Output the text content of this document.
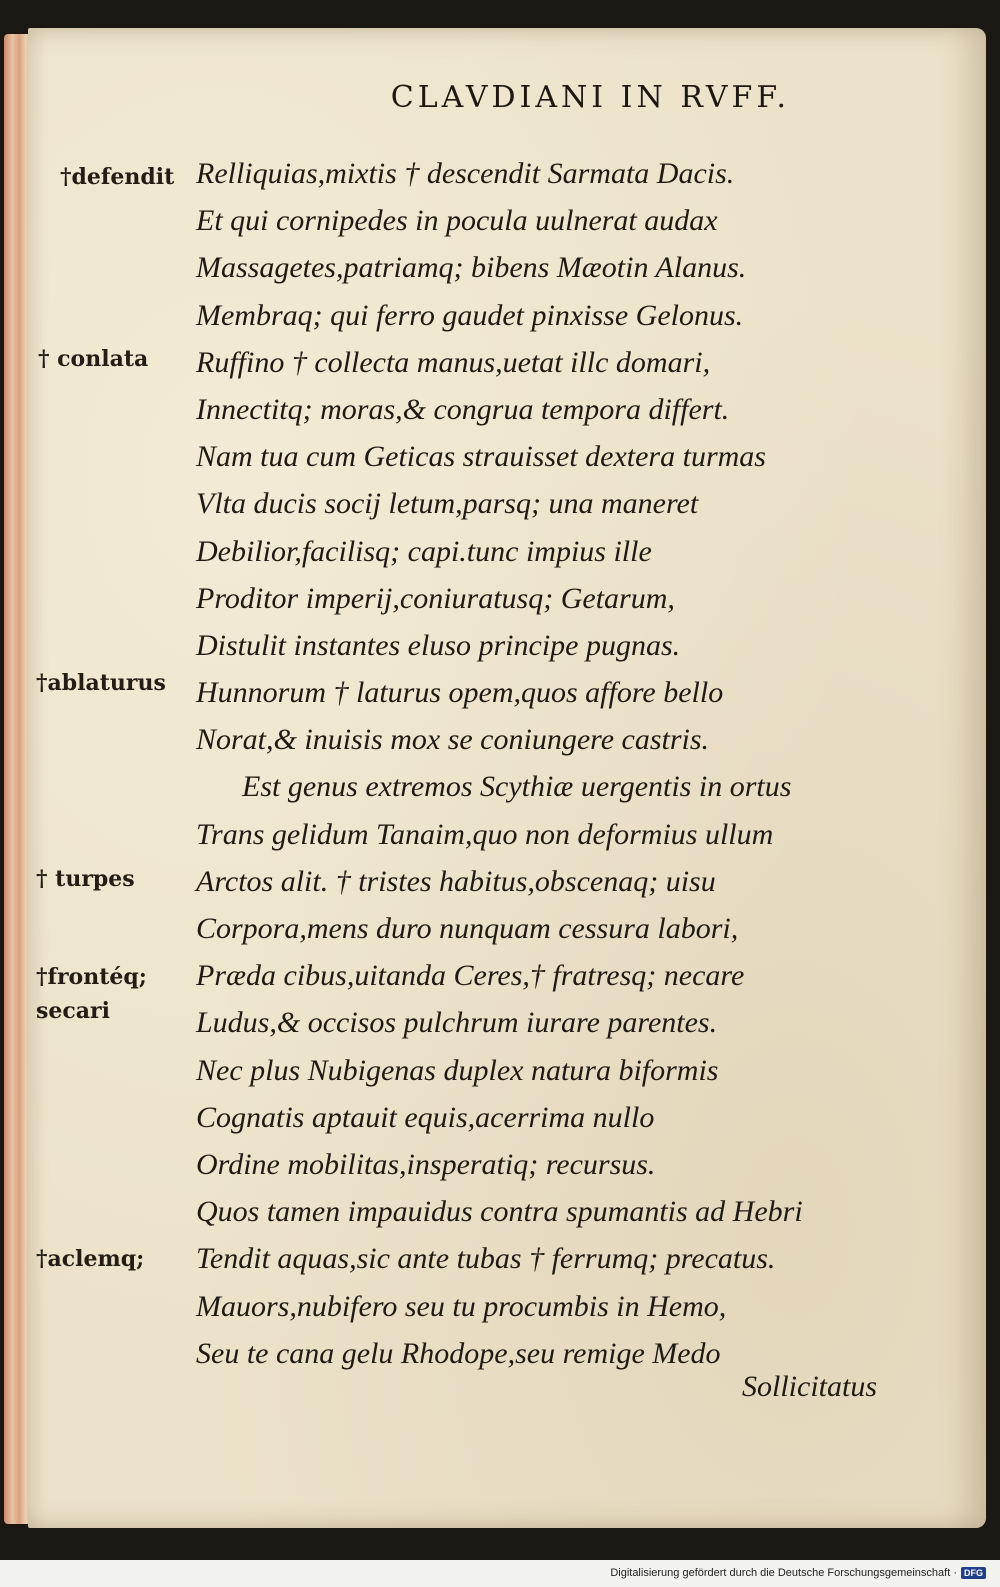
CLAVDIANI IN RVFF.
†defendit
† conlata
†ablaturus
† turpes
†frontéq;
secari
†aclemq;
Relliquias,mixtis † descendit Sarmata Dacis.
Et qui cornipedes in pocula uulnerat audax
Massagetes,patriamq; bibens Mæotin Alanus.
Membraq; qui ferro gaudet pinxisse Gelonus.
Ruffino † collecta manus,uetat illc domari,
Innectitq; moras,& congrua tempora differt.
Nam tua cum Geticas strauisset dextera turmas
Vlta ducis socij letum,parsq; una maneret
Debilior,facilisq; capi.tunc impius ille
Proditor imperij,coniuratusq; Getarum,
Distulit instantes eluso principe pugnas.
Hunnorum † laturus opem,quos affore bello
Norat,& inuisis mox se coniungere castris.
Est genus extremos Scythiæ uergentis in ortus
Trans gelidum Tanaim,quo non deformius ullum
Arctos alit. † tristes habitus,obscenaq; uisu
Corpora,mens duro nunquam cessura labori,
Præda cibus,uitanda Ceres,† fratresq; necare
Ludus,& occisos pulchrum iurare parentes.
Nec plus Nubigenas duplex natura biformis
Cognatis aptauit equis,acerrima nullo
Ordine mobilitas,insperatiq; recursus.
Quos tamen impauidus contra spumantis ad Hebri
Tendit aquas,sic ante tubas † ferrumq; precatus.
Mauors,nubifero seu tu procumbis in Hemo,
Seu te cana gelu Rhodope,seu remige Medo
Sollicitatus
Digitalisierung gefördert durch die Deutsche Forschungsgemeinschaft · DFG
